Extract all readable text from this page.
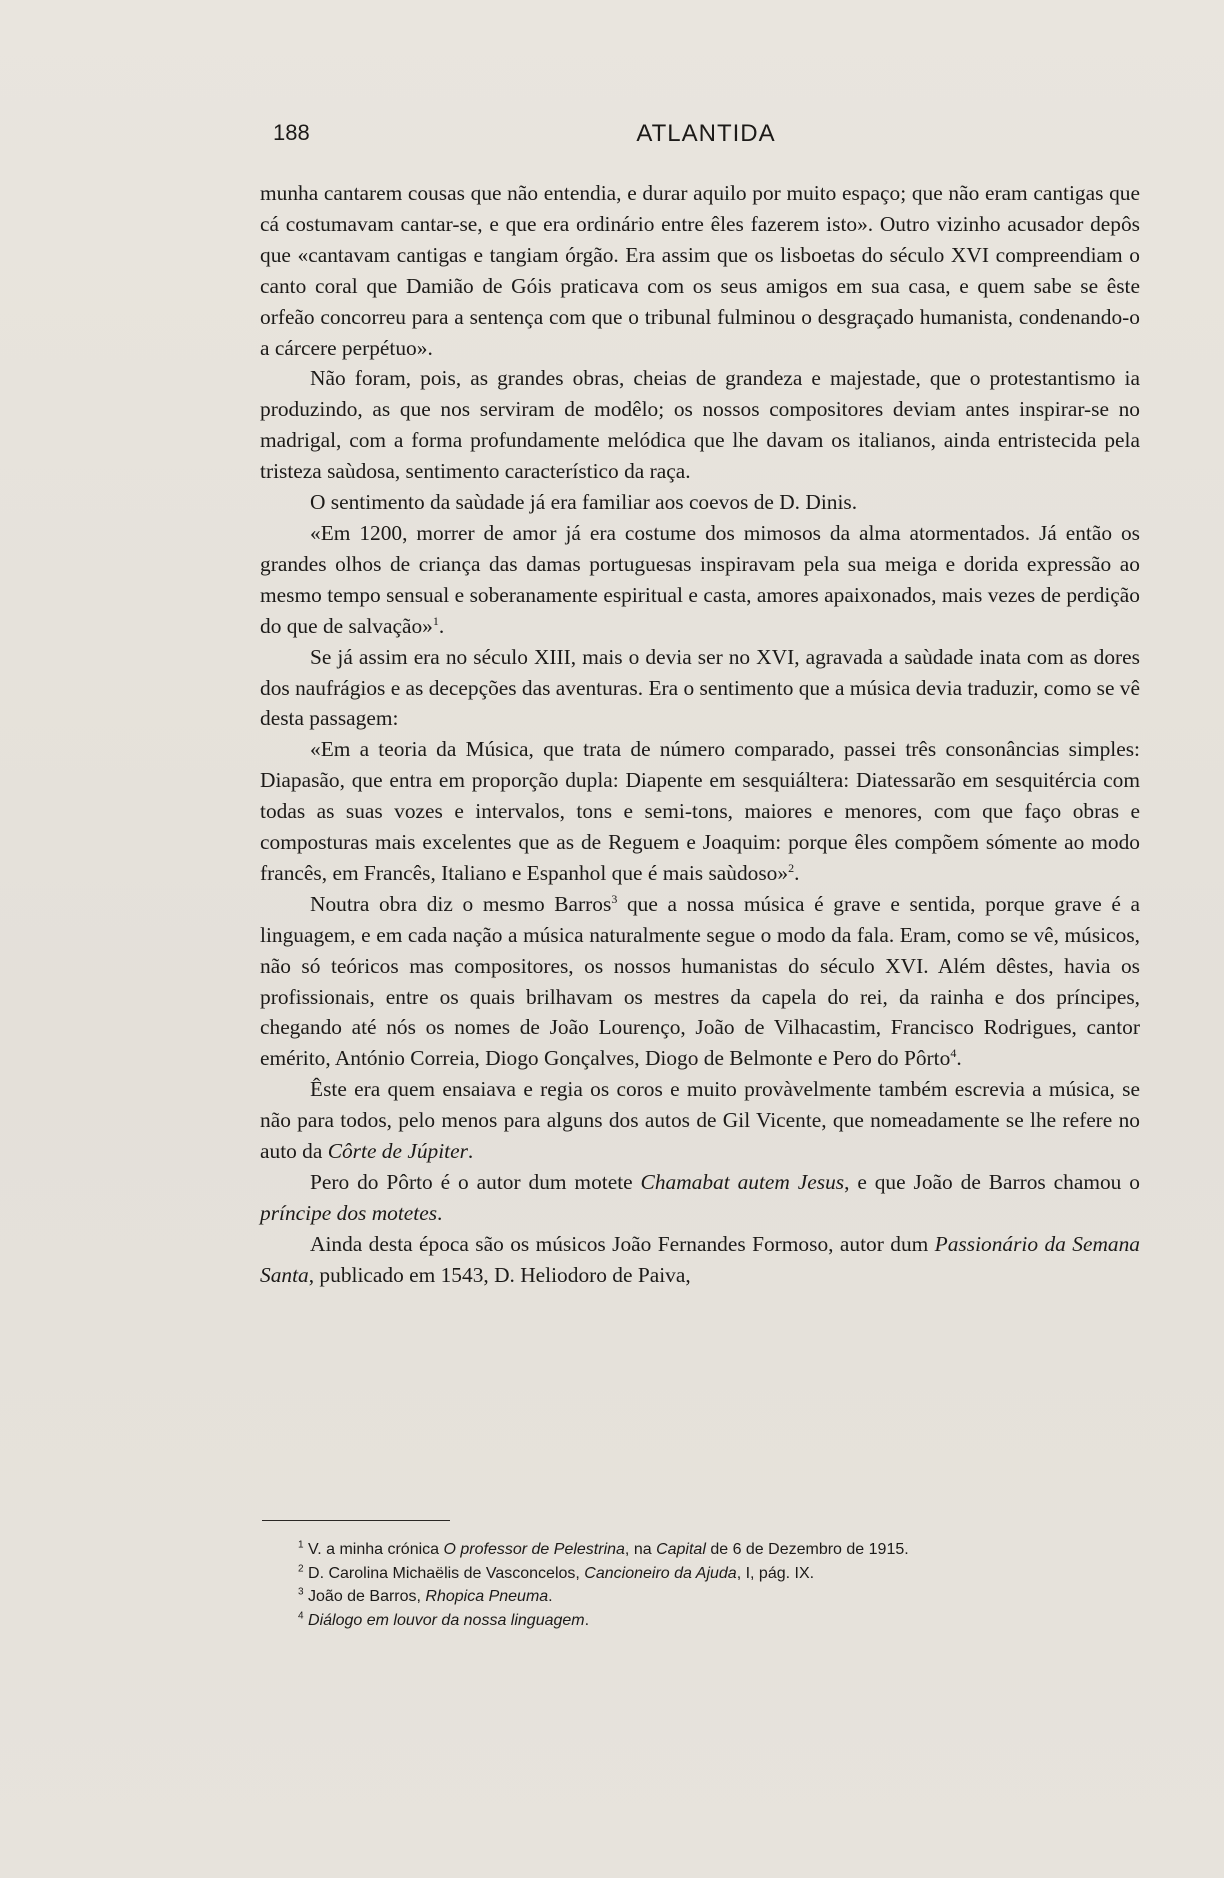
188	ATLANTIDA

munha cantarem cousas que não entendia, e durar aquilo por muito espaço; que não eram cantigas que cá costumavam cantar-se, e que era ordinário entre êles fazerem isto». Outro vizinho acusador depôs que «cantavam cantigas e tangiam órgão. Era assim que os lisboetas do século XVI compreendiam o canto coral que Damião de Góis praticava com os seus amigos em sua casa, e quem sabe se êste orfeão concorreu para a sentença com que o tribunal fulminou o desgraçado humanista, condenando-o a cárcere perpétuo».

Não foram, pois, as grandes obras, cheias de grandeza e majestade, que o protestantismo ia produzindo, as que nos serviram de modêlo; os nossos compositores deviam antes inspirar-se no madrigal, com a forma profundamente melódica que lhe davam os italianos, ainda entristecida pela tristeza saùdosa, sentimento característico da raça.

O sentimento da saùdade já era familiar aos coevos de D. Dinis.

«Em 1200, morrer de amor já era costume dos mimosos da alma atormentados. Já então os grandes olhos de criança das damas portuguesas inspiravam pela sua meiga e dorida expressão ao mesmo tempo sensual e soberanamente espiritual e casta, amores apaixonados, mais vezes de perdição do que de salvação»$^1$.

Se já assim era no século XIII, mais o devia ser no XVI, agravada a saùdade inata com as dores dos naufrágios e as decepções das aventuras. Era o sentimento que a música devia traduzir, como se vê desta passagem:

«Em a teoria da Música, que trata de número comparado, passei três consonâncias simples: Diapasão, que entra em proporção dupla: Diapente em sesquiáltera: Diatessarão em sesquitércia com todas as suas vozes e intervalos, tons e semi-tons, maiores e menores, com que faço obras e composturas mais excelentes que as de Reguem e Joaquim: porque êles compõem sómente ao modo francês, em Francês, Italiano e Espanhol que é mais saùdoso»$^2$.

Noutra obra diz o mesmo Barros$^3$ que a nossa música é grave e sentida, porque grave é a linguagem, e em cada nação a música naturalmente segue o modo da fala. Eram, como se vê, músicos, não só teóricos mas compositores, os nossos humanistas do século XVI. Além dêstes, havia os profissionais, entre os quais brilhavam os mestres da capela do rei, da rainha e dos príncipes, chegando até nós os nomes de João Lourenço, João de Vilhacastim, Francisco Rodrigues, cantor emérito, António Correia, Diogo Gonçalves, Diogo de Belmonte e Pero do Pôrto$^4$.

Êste era quem ensaiava e regia os coros e muito provàvelmente também escrevia a música, se não para todos, pelo menos para alguns dos autos de Gil Vicente, que nomeadamente se lhe refere no auto da Côrte de Júpiter.

Pero do Pôrto é o autor dum motete Chamabat autem Jesus, e que João de Barros chamou o príncipe dos motetes.

Ainda desta época são os músicos João Fernandes Formoso, autor dum Passionário da Semana Santa, publicado em 1543, D. Heliodoro de Paiva,

$^1$ V. a minha crónica O professor de Pelestrina, na Capital de 6 de Dezembro de 1915.
$^2$ D. Carolina Michaëlis de Vasconcelos, Cancioneiro da Ajuda, I, pág. IX.
$^3$ João de Barros, Rhopica Pneuma.
$^4$ Diálogo em louvor da nossa linguagem.
